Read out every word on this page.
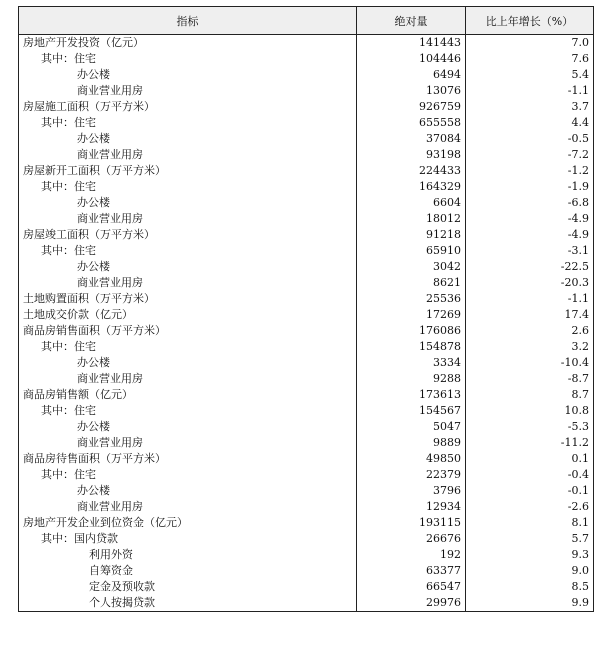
指标	绝对量	比上年增长（%）
房地产开发投资（亿元）	141443	7.0
其中：住宅	104446	7.6
办公楼	6494	5.4
商业营业用房	13076	-1.1
房屋施工面积（万平方米）	926759	3.7
其中：住宅	655558	4.4
办公楼	37084	-0.5
商业营业用房	93198	-7.2
房屋新开工面积（万平方米）	224433	-1.2
其中：住宅	164329	-1.9
办公楼	6604	-6.8
商业营业用房	18012	-4.9
房屋竣工面积（万平方米）	91218	-4.9
其中：住宅	65910	-3.1
办公楼	3042	-22.5
商业营业用房	8621	-20.3
土地购置面积（万平方米）	25536	-1.1
土地成交价款（亿元）	17269	17.4
商品房销售面积（万平方米）	176086	2.6
其中：住宅	154878	3.2
办公楼	3334	-10.4
商业营业用房	9288	-8.7
商品房销售额（亿元）	173613	8.7
其中：住宅	154567	10.8
办公楼	5047	-5.3
商业营业用房	9889	-11.2
商品房待售面积（万平方米）	49850	0.1
其中：住宅	22379	-0.4
办公楼	3796	-0.1
商业营业用房	12934	-2.6
房地产开发企业到位资金（亿元）	193115	8.1
其中：国内贷款	26676	5.7
利用外资	192	9.3
自筹资金	63377	9.0
定金及预收款	66547	8.5
个人按揭贷款	29976	9.9
